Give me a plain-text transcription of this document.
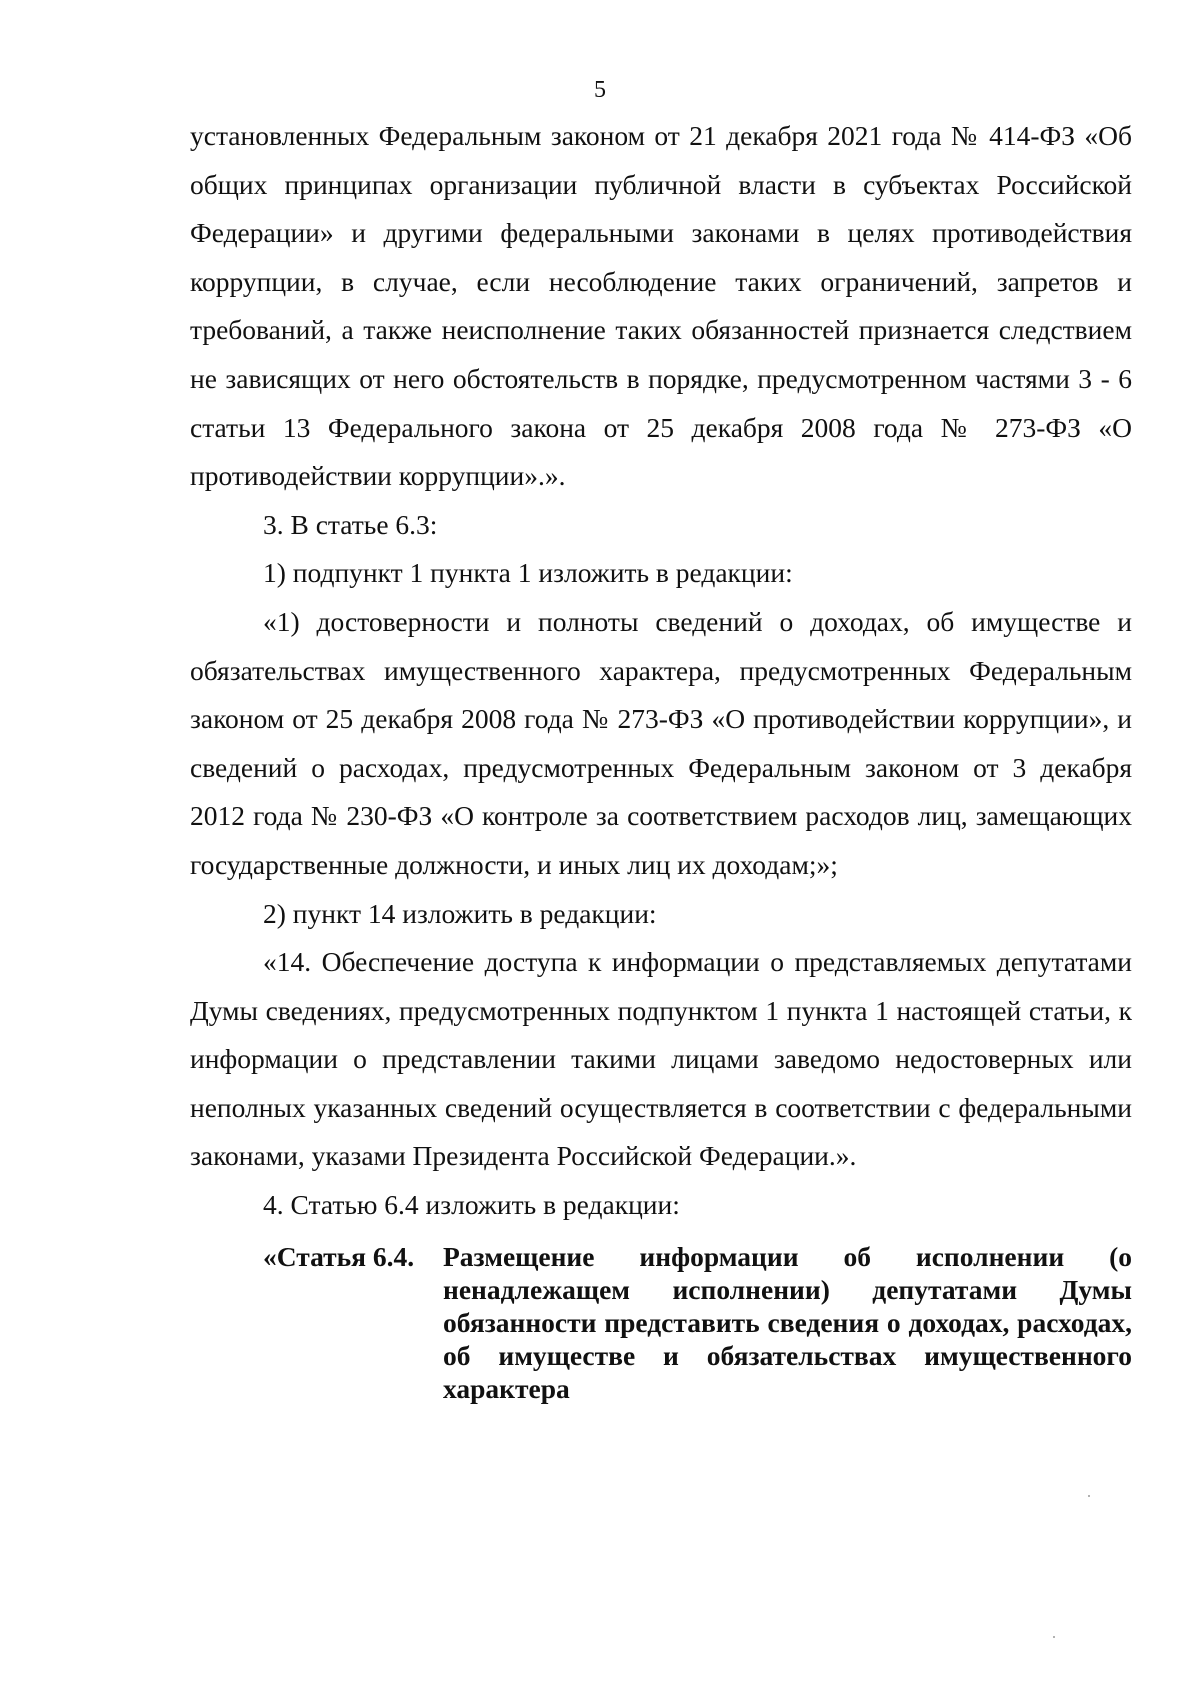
5

установленных Федеральным законом от 21 декабря 2021 года № 414-ФЗ «Об общих принципах организации публичной власти в субъектах Российской Федерации» и другими федеральными законами в целях противодействия коррупции, в случае, если несоблюдение таких ограничений, запретов и требований, а также неисполнение таких обязанностей признается следствием не зависящих от него обстоятельств в порядке, предусмотренном частями 3 - 6 статьи 13 Федерального закона от 25 декабря 2008 года № 273-ФЗ «О противодействии коррупции».».

3. В статье 6.3:

1) подпункт 1 пункта 1 изложить в редакции:

«1) достоверности и полноты сведений о доходах, об имуществе и обязательствах имущественного характера, предусмотренных Федеральным законом от 25 декабря 2008 года № 273-ФЗ «О противодействии коррупции», и сведений о расходах, предусмотренных Федеральным законом от 3 декабря 2012 года № 230-ФЗ «О контроле за соответствием расходов лиц, замещающих государственные должности, и иных лиц их доходам;»;

2) пункт 14 изложить в редакции:

«14. Обеспечение доступа к информации о представляемых депутатами Думы сведениях, предусмотренных подпунктом 1 пункта 1 настоящей статьи, к информации о представлении такими лицами заведомо недостоверных или неполных указанных сведений осуществляется в соответствии с федеральными законами, указами Президента Российской Федерации.».

4. Статью 6.4 изложить в редакции:

«Статья 6.4.	Размещение информации об исполнении (о ненадлежащем исполнении) депутатами Думы обязанности представить сведения о доходах, расходах, об имуществе и обязательствах имущественного характера
